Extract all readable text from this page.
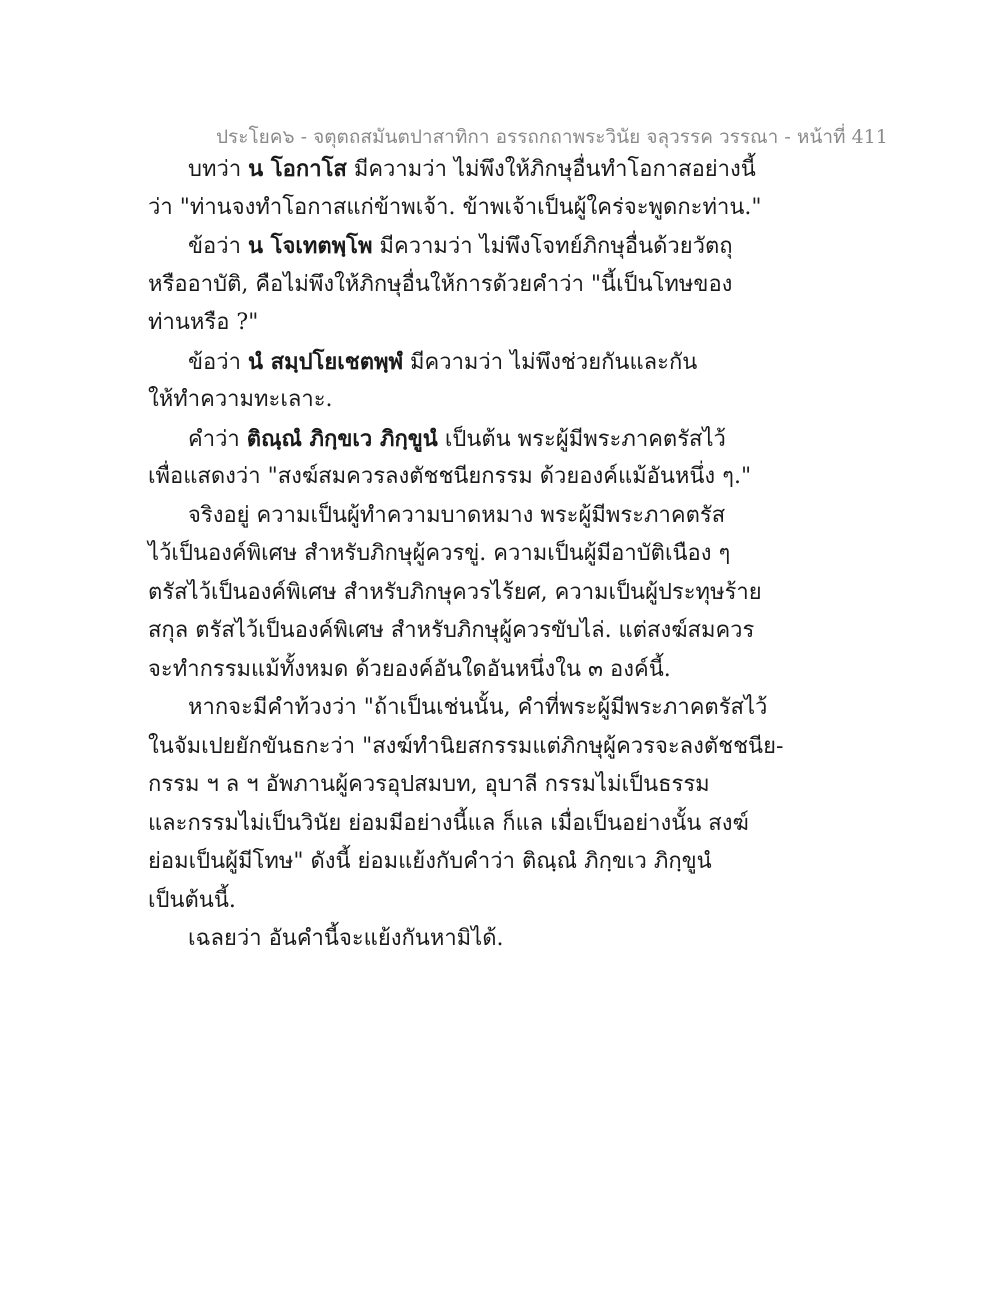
ประโยค๖ - จตุตถสมันตปาสาทิกา อรรถกถาพระวินัย จลุวรรค วรรณา - หน้าที่ 411
บทว่า น โอกาโส มีความว่า ไม่พึงให้ภิกษุอื่นทำโอกาสอย่างนี้
ว่า "ท่านจงทำโอกาสแก่ข้าพเจ้า. ข้าพเจ้าเป็นผู้ใคร่จะพูดกะท่าน."
ข้อว่า น โจเทตพฺโพ มีความว่า ไม่พึงโจทย์ภิกษุอื่นด้วยวัตถุ
หรืออาบัติ, คือไม่พึงให้ภิกษุอื่นให้การด้วยคำว่า "นี้เป็นโทษของ
ท่านหรือ ?"
ข้อว่า นํ สมฺปโยเชตพฺพํ มีความว่า ไม่พึงช่วยกันและกัน
ให้ทำความทะเลาะ.
คำว่า ติณฺณํ ภิกฺขเว ภิกฺขูนํ เป็นต้น พระผู้มีพระภาคตรัสไว้
เพื่อแสดงว่า "สงฆ์สมควรลงตัชชนียกรรม ด้วยองค์แม้อันหนึ่ง ๆ."
จริงอยู่ ความเป็นผู้ทำความบาดหมาง พระผู้มีพระภาคตรัส
ไว้เป็นองค์พิเศษ สำหรับภิกษุผู้ควรขู่. ความเป็นผู้มีอาบัติเนือง ๆ
ตรัสไว้เป็นองค์พิเศษ สำหรับภิกษุควรไร้ยศ, ความเป็นผู้ประทุษร้าย
สกุล ตรัสไว้เป็นองค์พิเศษ สำหรับภิกษุผู้ควรขับไล่. แต่สงฆ์สมควร
จะทำกรรมแม้ทั้งหมด ด้วยองค์อันใดอันหนึ่งใน ๓ องค์นี้.
หากจะมีคำท้วงว่า "ถ้าเป็นเช่นนั้น, คำที่พระผู้มีพระภาคตรัสไว้
ในจัมเปยยักขันธกะว่า "สงฆ์ทำนิยสกรรมแต่ภิกษุผู้ควรจะลงตัชชนีย-
กรรม ฯ ล ฯ อัพภานผู้ควรอุปสมบท, อุบาลี กรรมไม่เป็นธรรม
และกรรมไม่เป็นวินัย ย่อมมีอย่างนี้แล ก็แล เมื่อเป็นอย่างนั้น สงฆ์
ย่อมเป็นผู้มีโทษ" ดังนี้ ย่อมแย้งกับคำว่า ติณฺณํ ภิกฺขเว ภิกฺขูนํ
เป็นต้นนี้.
เฉลยว่า อันคำนี้จะแย้งกันหามิได้.
